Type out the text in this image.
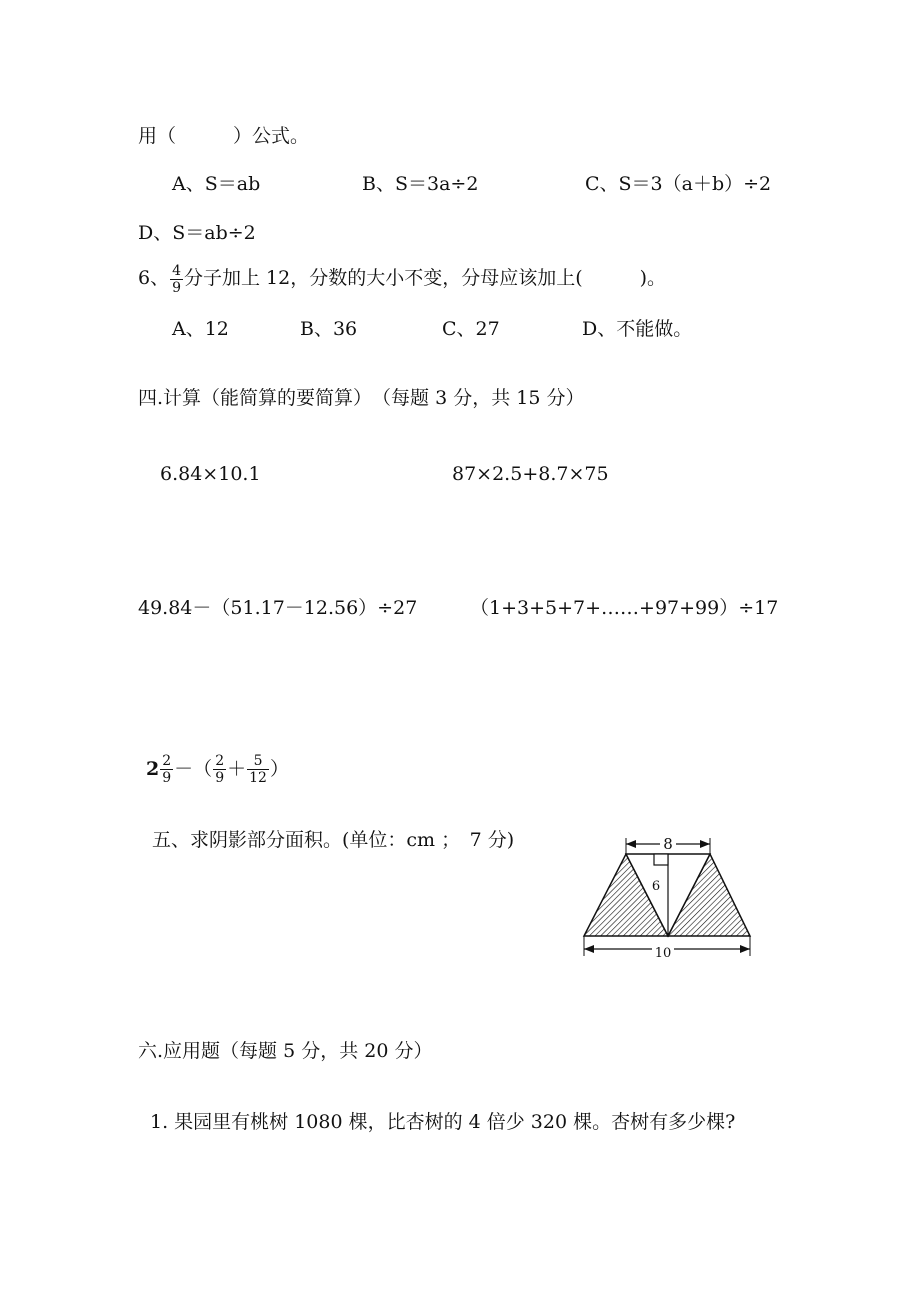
用（　　　）公式。
A、S＝ab	B、S＝3a÷2	C、S＝3（a＋b）÷2
D、S＝ab÷2
6、 $\frac{4}{9}$ 分子加上 12，分数的大小不变，分母应该加上(　　　)。
A、12	B、36	C、27	D、不能做。
四.计算（能简算的要简算）　（每题 3 分，共 15 分）
6.84×10.1	87×2.5+8.7×75
49.84－（51.17－12.56）÷27	（1+3+5+7+……+97+99）÷17
$2 \frac{2}{9}$ －（ $\frac{2}{9} + \frac{5}{12}$ ）
五、求阴影部分面积。(单位：cm ；　7 分)	8
6
10
六.应用题（每题 5 分，共 20 分）
1. 果园里有桃树 1080 棵，比杏树的 4 倍少 320 棵。杏树有多少棵?
